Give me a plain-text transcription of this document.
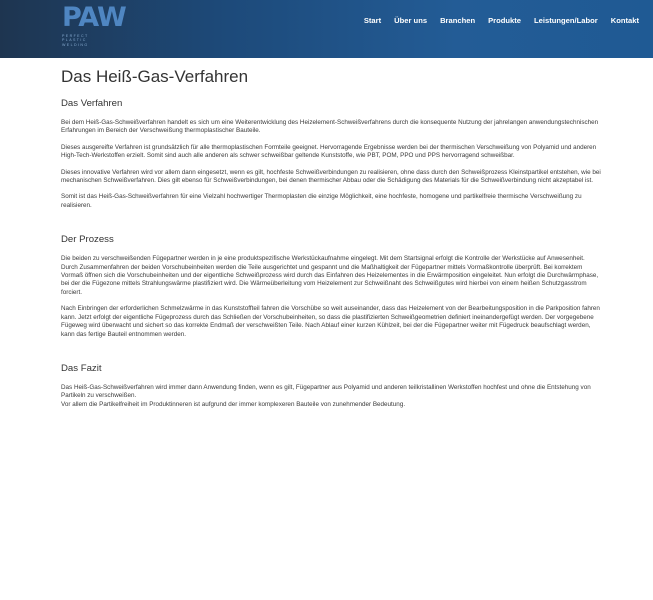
PAW
PERFECT
PLASTIC
WELDING
Start Über uns Branchen Produkte Leistungen/Labor Kontakt
Das Heiß-Gas-Verfahren
Das Verfahren

Bei dem Heiß-Gas-Schweißverfahren handelt es sich um eine Weiterentwicklung des Heizelement-Schweißverfahrens durch die konsequente Nutzung der jahrelangen anwendungstechnischen Erfahrungen im Bereich der Verschweißung thermoplastischer Bauteile.

Dieses ausgereifte Verfahren ist grundsätzlich für alle thermoplastischen Formteile geeignet. Hervorragende Ergebnisse werden bei der thermischen Verschweißung von Polyamid und anderen High-Tech-Werkstoffen erzielt. Somit sind auch alle anderen als schwer schweißbar geltende Kunststoffe, wie PBT, POM, PPO und PPS hervorragend schweißbar.

Dieses innovative Verfahren wird vor allem dann eingesetzt, wenn es gilt, hochfeste Schweißverbindungen zu realisieren, ohne dass durch den Schweißprozess Kleinstpartikel entstehen, wie bei mechanischen Schweißverfahren. Dies gilt ebenso für Schweißverbindungen, bei denen thermischer Abbau oder die Schädigung des Materials für die Schweißverbindung nicht akzeptabel ist.

Somit ist das Heiß-Gas-Schweißverfahren für eine Vielzahl hochwertiger Thermoplasten die einzige Möglichkeit, eine hochfeste, homogene und partikelfreie thermische Verschweißung zu realisieren.

Der Prozess

Die beiden zu verschweißenden Fügepartner werden in je eine produktspezifische Werkstückaufnahme eingelegt. Mit dem Startsignal erfolgt die Kontrolle der Werkstücke auf Anwesenheit. Durch Zusammenfahren der beiden Vorschubeinheiten werden die Teile ausgerichtet und gespannt und die Maßhaltigkeit der Fügepartner mittels Vormaßkontrolle überprüft. Bei korrektem Vormaß öffnen sich die Vorschubeinheiten und der eigentliche Schweißprozess wird durch das Einfahren des Heizelementes in die Erwärmposition eingeleitet. Nun erfolgt die Durchwärmphase, bei der die Fügezone mittels Strahlungswärme plastifiziert wird. Die Wärmeüberleitung vom Heizelement zur Schweißnaht des Schweißgutes wird hierbei von einem heißen Schutzgasstrom forciert.

Nach Einbringen der erforderlichen Schmelzwärme in das Kunststoffteil fahren die Vorschübe so weit auseinander, dass das Heizelement von der Bearbeitungsposition in die Parkposition fahren kann. Jetzt erfolgt der eigentliche Fügeprozess durch das Schließen der Vorschubeinheiten, so dass die plastifizierten Schweißgeometrien definiert ineinandergefügt werden. Der vorgegebene Fügeweg wird überwacht und sichert so das korrekte Endmaß der verschweißten Teile. Nach Ablauf einer kurzen Kühlzeit, bei der die Fügepartner weiter mit Fügedruck beaufschlagt werden, kann das fertige Bauteil entnommen werden.

Das Fazit

Das Heiß-Gas-Schweißverfahren wird immer dann Anwendung finden, wenn es gilt, Fügepartner aus Polyamid und anderen teilkristallinen Werkstoffen hochfest und ohne die Entstehung von Partikeln zu verschweißen.

Vor allem die Partikelfreiheit im Produktinneren ist aufgrund der immer komplexeren Bauteile von zunehmender Bedeutung.
